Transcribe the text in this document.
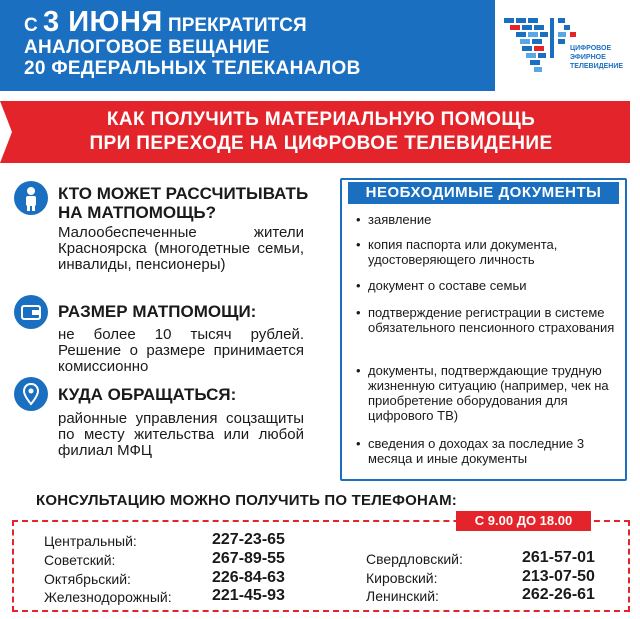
С 3 ИЮНЯ ПРЕКРАТИТСЯ
АНАЛОГОВОЕ ВЕЩАНИЕ
20 ФЕДЕРАЛЬНЫХ ТЕЛЕКАНАЛОВ
ЦИФРОВОЕ
ЭФИРНОЕ
ТЕЛЕВИДЕНИЕ
КАК ПОЛУЧИТЬ МАТЕРИАЛЬНУЮ ПОМОЩЬ
ПРИ ПЕРЕХОДЕ НА ЦИФРОВОЕ ТЕЛЕВИДЕНИЕ
КТО МОЖЕТ РАССЧИТЫВАТЬ
НА МАТПОМОЩЬ?
Малообеспеченные жители Красноярска (многодетные семьи, инвалиды, пенсионеры)
РАЗМЕР МАТПОМОЩИ:
не более 10 тысяч рублей. Решение о размере принимается комиссионно
КУДА ОБРАЩАТЬСЯ:
районные управления соцзащиты по месту жительства или любой филиал МФЦ
НЕОБХОДИМЫЕ ДОКУМЕНТЫ
• заявление
• копия паспорта или документа, удостоверяющего личность
• документ о составе семьи
• подтверждение регистрации в системе обязательного пенсионного страхования
• документы, подтверждающие трудную жизненную ситуацию (например, чек на приобретение оборудования для цифрового ТВ)
• сведения о доходах за последние 3 месяца и иные документы
КОНСУЛЬТАЦИЮ МОЖНО ПОЛУЧИТЬ ПО ТЕЛЕФОНАМ:
С 9.00 ДО 18.00
Центральный:	227-23-65
Советский:	267-89-55
Октябрьский:	226-84-63
Железнодорожный:	221-45-93
Свердловский:	261-57-01
Кировский:	213-07-50
Ленинский:	262-26-61
